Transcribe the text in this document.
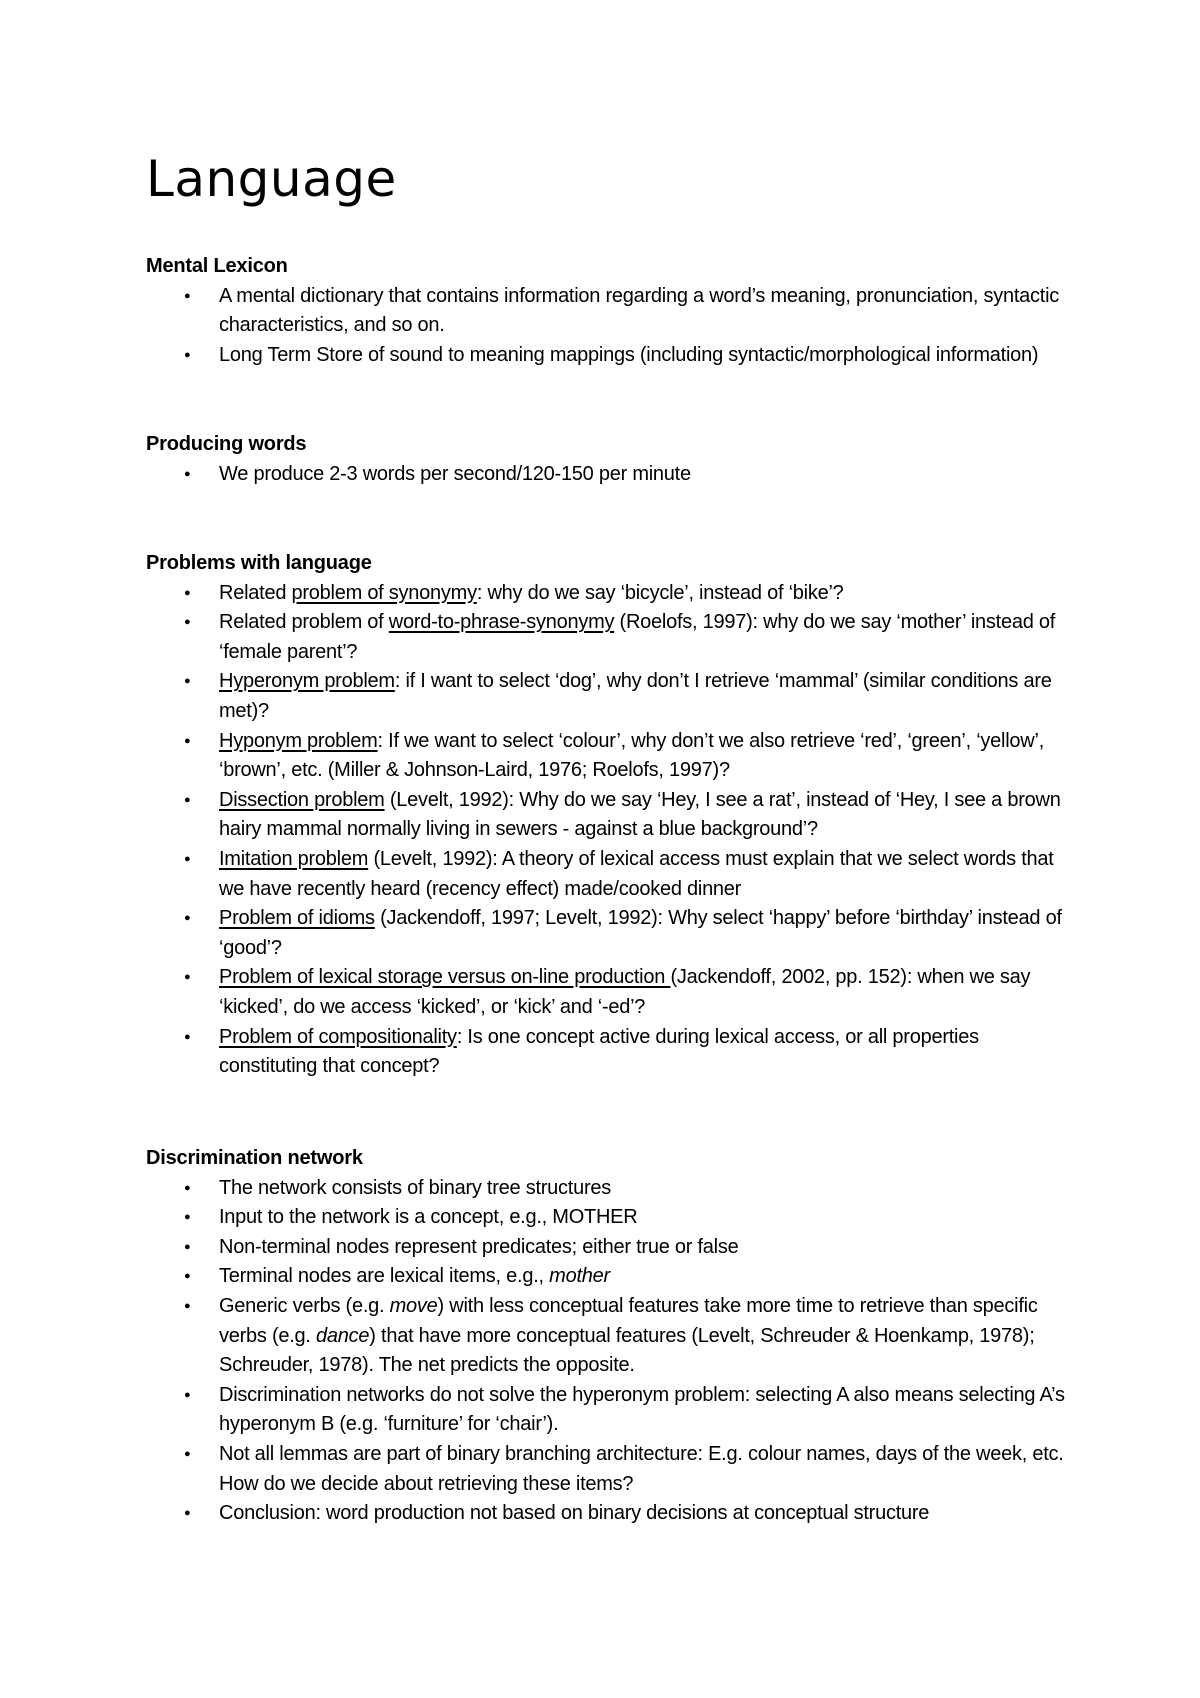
Language

Mental Lexicon

● A mental dictionary that contains information regarding a word’s meaning, pronunciation, syntactic characteristics, and so on.
● Long Term Store of sound to meaning mappings (including syntactic/morphological information)

Producing words

● We produce 2-3 words per second/120-150 per minute

Problems with language

● Related problem of synonymy: why do we say ‘bicycle’, instead of ‘bike’?
● Related problem of word-to-phrase-synonymy (Roelofs, 1997): why do we say ‘mother’ instead of ‘female parent’?
● Hyperonym problem: if I want to select ‘dog’, why don’t I retrieve ‘mammal’ (similar conditions are met)?
● Hyponym problem: If we want to select ‘colour’, why don’t we also retrieve ‘red’, ‘green’, ‘yellow’, ‘brown’, etc. (Miller & Johnson-Laird, 1976; Roelofs, 1997)?
● Dissection problem (Levelt, 1992): Why do we say ‘Hey, I see a rat’, instead of ‘Hey, I see a brown hairy mammal normally living in sewers - against a blue background’?
● Imitation problem (Levelt, 1992): A theory of lexical access must explain that we select words that we have recently heard (recency effect) made/cooked dinner
● Problem of idioms (Jackendoff, 1997; Levelt, 1992): Why select ‘happy’ before ‘birthday’ instead of ‘good’?
● Problem of lexical storage versus on-line production (Jackendoff, 2002, pp. 152): when we say ‘kicked’, do we access ‘kicked’, or ‘kick’ and ‘-ed’?
● Problem of compositionality: Is one concept active during lexical access, or all properties constituting that concept?

Discrimination network

● The network consists of binary tree structures
● Input to the network is a concept, e.g., MOTHER
● Non-terminal nodes represent predicates; either true or false
● Terminal nodes are lexical items, e.g., mother
● Generic verbs (e.g. move) with less conceptual features take more time to retrieve than specific verbs (e.g. dance) that have more conceptual features (Levelt, Schreuder & Hoenkamp, 1978); Schreuder, 1978). The net predicts the opposite.
● Discrimination networks do not solve the hyperonym problem: selecting A also means selecting A’s hyperonym B (e.g. ‘furniture’ for ‘chair’).
● Not all lemmas are part of binary branching architecture: E.g. colour names, days of the week, etc. How do we decide about retrieving these items?
● Conclusion: word production not based on binary decisions at conceptual structure
